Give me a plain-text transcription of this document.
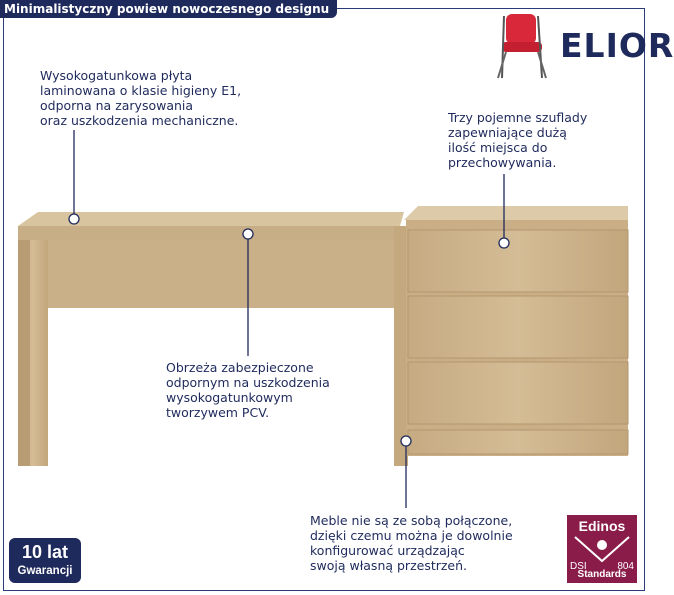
Minimalistyczny powiew nowoczesnego designu
ELIOR

Wysokogatunkowa płyta
laminowana o klasie higieny E1,
odporna na zarysowania
oraz uszkodzenia mechaniczne.	Trzy pojemne szuflady
zapewniające dużą
ilość miejsca do
przechowywania.

Obrzeża zabezpieczone
odpornym na uszkodzenia
wysokogatunkowym
tworzywem PCV.

Meble nie są ze sobą połączone,
dzięki czemu można je dowolnie
konfigurować urządzając
swoją własną przestrzeń.

10 lat
Gwarancji
Edinos
DSI	804
Standards
